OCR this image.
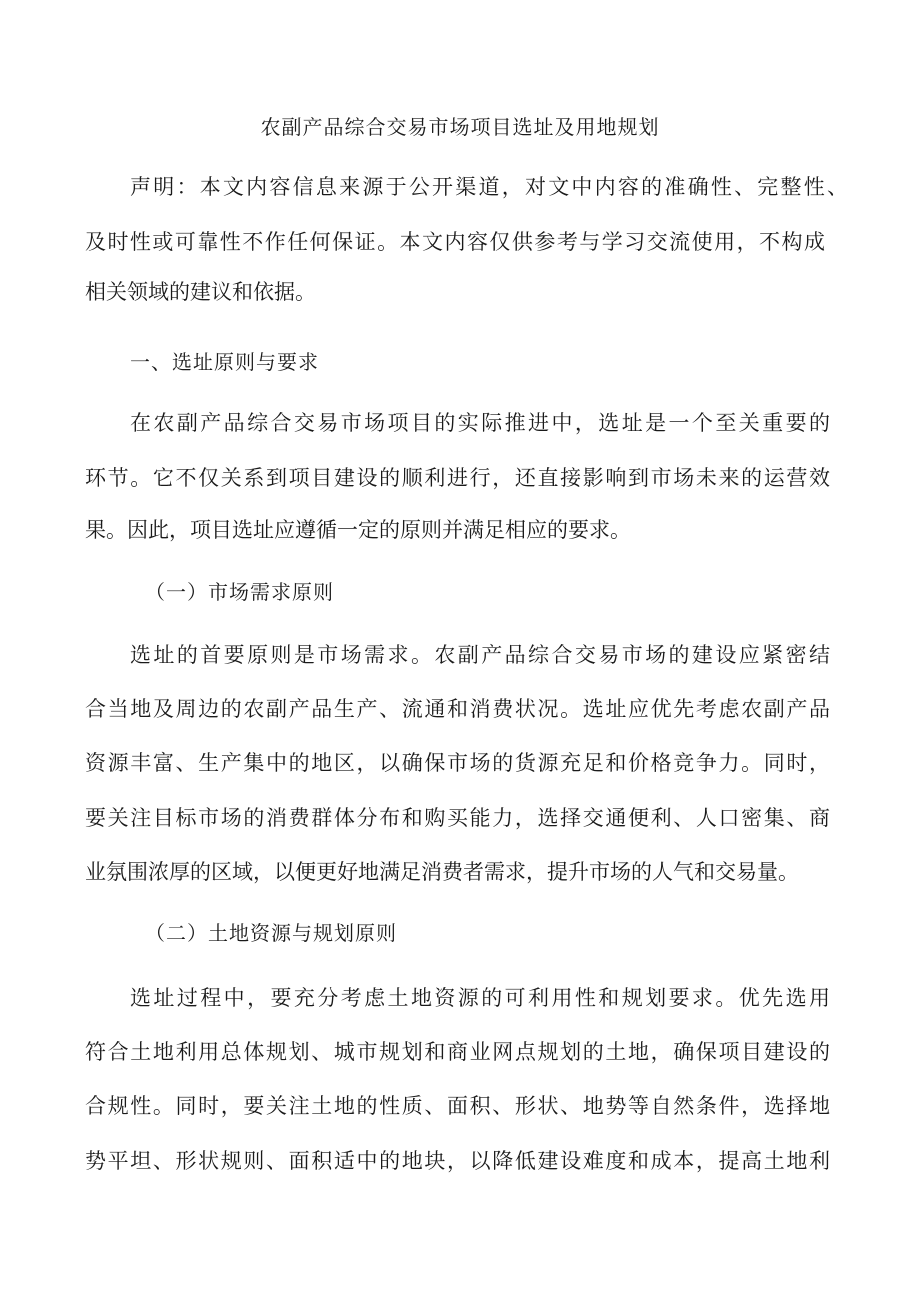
农副产品综合交易市场项目选址及用地规划
声明：本文内容信息来源于公开渠道，对文中内容的准确性、完整性、
及时性或可靠性不作任何保证。本文内容仅供参考与学习交流使用，不构成
相关领域的建议和依据。
一、选址原则与要求
在农副产品综合交易市场项目的实际推进中，选址是一个至关重要的
环节。它不仅关系到项目建设的顺利进行，还直接影响到市场未来的运营效
果。因此，项目选址应遵循一定的原则并满足相应的要求。
（一）市场需求原则
选址的首要原则是市场需求。农副产品综合交易市场的建设应紧密结
合当地及周边的农副产品生产、流通和消费状况。选址应优先考虑农副产品
资源丰富、生产集中的地区，以确保市场的货源充足和价格竞争力。同时，
要关注目标市场的消费群体分布和购买能力，选择交通便利、人口密集、商
业氛围浓厚的区域，以便更好地满足消费者需求，提升市场的人气和交易量。
（二）土地资源与规划原则
选址过程中，要充分考虑土地资源的可利用性和规划要求。优先选用
符合土地利用总体规划、城市规划和商业网点规划的土地，确保项目建设的
合规性。同时，要关注土地的性质、面积、形状、地势等自然条件，选择地
势平坦、形状规则、面积适中的地块，以降低建设难度和成本，提高土地利
